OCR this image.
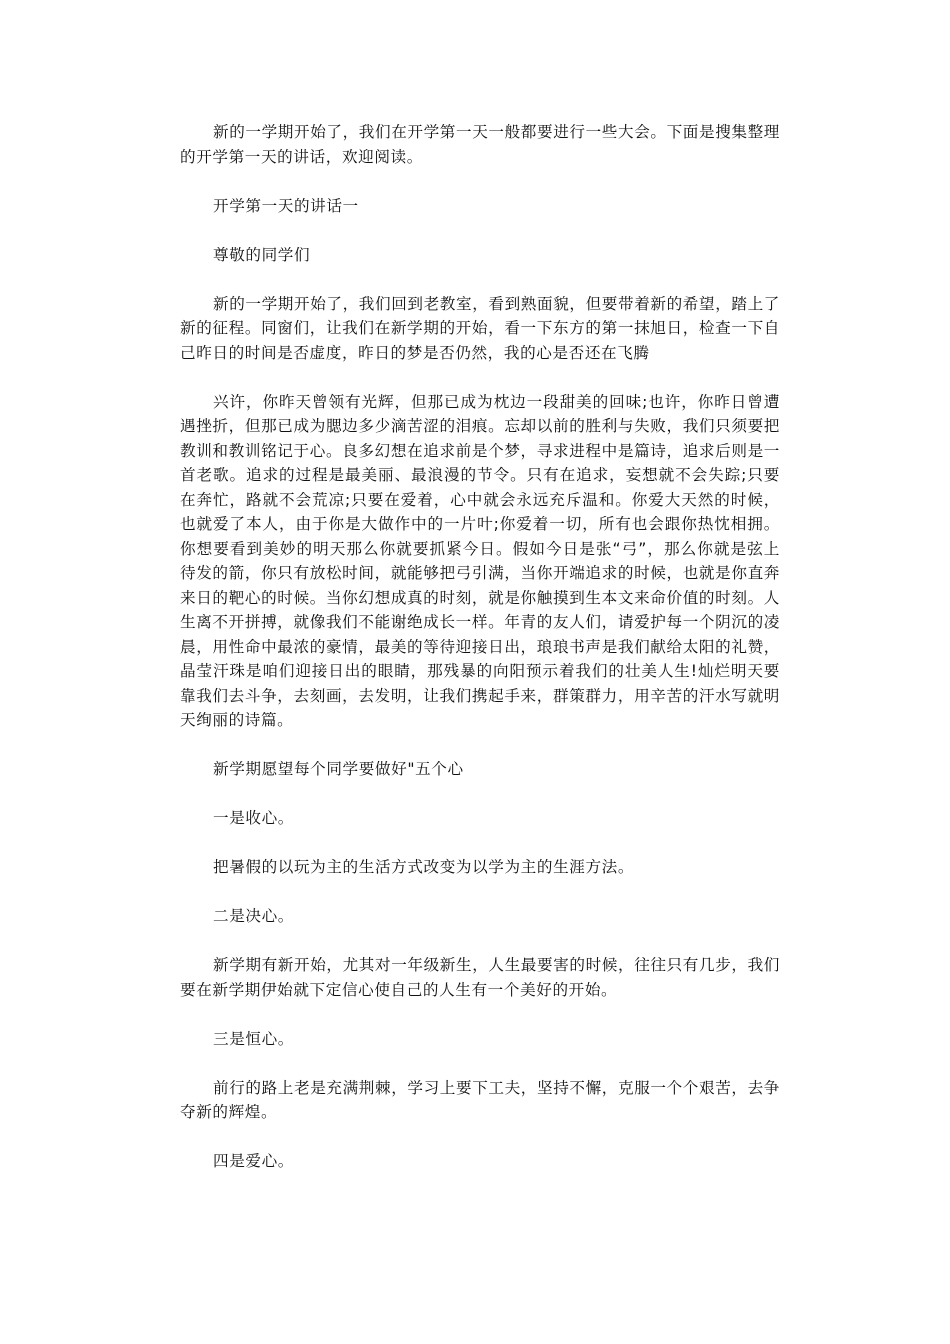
新的一学期开始了，我们在开学第一天一般都要进行一些大会。下面是搜集整理的开学第一天的讲话，欢迎阅读。

开学第一天的讲话一

尊敬的同学们

新的一学期开始了，我们回到老教室，看到熟面貌，但要带着新的希望，踏上了新的征程。同窗们，让我们在新学期的开始，看一下东方的第一抹旭日，检查一下自己昨日的时间是否虚度，昨日的梦是否仍然，我的心是否还在飞腾

兴许，你昨天曾领有光辉，但那已成为枕边一段甜美的回味;也许，你昨日曾遭遇挫折，但那已成为腮边多少滴苦涩的泪痕。忘却以前的胜利与失败，我们只须要把教训和教训铭记于心。良多幻想在追求前是个梦，寻求进程中是篇诗，追求后则是一首老歌。追求的过程是最美丽、最浪漫的节令。只有在追求，妄想就不会失踪;只要在奔忙，路就不会荒凉;只要在爱着，心中就会永远充斥温和。你爱大天然的时候，也就爱了本人，由于你是大做作中的一片叶;你爱着一切，所有也会跟你热忱相拥。你想要看到美妙的明天那么你就要抓紧今日。假如今日是张“弓”，那么你就是弦上待发的箭，你只有放松时间，就能够把弓引满，当你开端追求的时候，也就是你直奔来日的靶心的时候。当你幻想成真的时刻，就是你触摸到生本文来命价值的时刻。人生离不开拼搏，就像我们不能谢绝成长一样。年青的友人们，请爱护每一个阴沉的凌晨，用性命中最浓的豪情，最美的等待迎接日出，琅琅书声是我们献给太阳的礼赞，晶莹汗珠是咱们迎接日出的眼睛，那残暴的向阳预示着我们的壮美人生!灿烂明天要靠我们去斗争，去刻画，去发明，让我们携起手来，群策群力，用辛苦的汗水写就明天绚丽的诗篇。

新学期愿望每个同学要做好"五个心

一是收心。

把暑假的以玩为主的生活方式改变为以学为主的生涯方法。

二是决心。

新学期有新开始，尤其对一年级新生，人生最要害的时候，往往只有几步，我们要在新学期伊始就下定信心使自己的人生有一个美好的开始。

三是恒心。

前行的路上老是充满荆棘，学习上要下工夫，坚持不懈，克服一个个艰苦，去争夺新的辉煌。

四是爱心。
